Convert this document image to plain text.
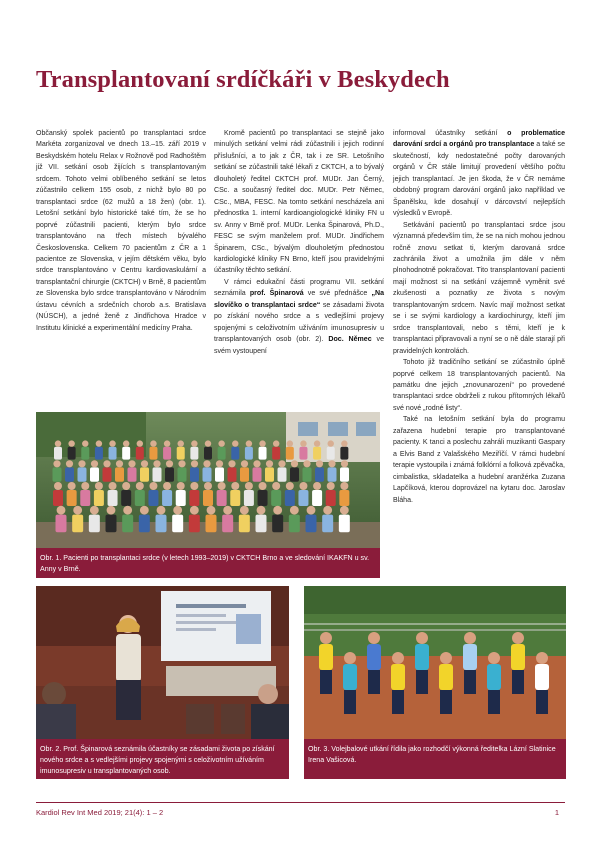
Transplantovaní srdíčkáři v Beskydech

Občanský spolek pacientů po transplantaci srdce Markéta zorganizoval ve dnech 13.–15. září 2019 v Beskydském hotelu Relax v Rožnově pod Radhoštěm již VII. setkání osob žijících s transplantovaným srdcem. Tohoto velmi oblíbeného setkání se letos zúčastnilo celkem 155 osob, z nichž bylo 80 po transplantaci srdce (62 mužů a 18 žen) (obr. 1). Letošní setkání bylo historické také tím, že se ho poprvé zúčastnili pacienti, kterým bylo srdce transplantováno na třech místech bývalého Československa. Celkem 70 pacientům z ČR a 1 pacientce ze Slovenska, v jejím dětském věku, bylo srdce transplantováno v Centru kardiovaskulární a transplantační chirurgie (CKTCH) v Brně, 8 pacientům ze Slovenska bylo srdce transplantováno v Národním ústavu cévních a srdečních chorob a.s. Bratislava (NÚSCH), a jedné ženě z Jindřichova Hradce v Institutu klinické a experimentální medicíny Praha.

Kromě pacientů po transplantaci se stejně jako minulých setkání velmi rádi zúčastnili i jejich rodinní příslušníci, a to jak z ČR, tak i ze SR. Letošního setkání se zúčastnili také lékaři z CKTCH, a to bývalý dlouholetý ředitel CKTCH prof. MUDr. Jan Černý, CSc. a současný ředitel doc. MUDr. Petr Němec, CSc., MBA, FESC. Na tomto setkání nescházela ani přednostka 1. interní kardioangiologické kliniky FN u sv. Anny v Brně prof. MUDr. Lenka Špinarová, Ph.D., FESC se svým manželem prof. MUDr. Jindřichem Špinarem, CSc., bývalým dlouholetým přednostou kardiologické kliniky FN Brno, kteří jsou pravidelnými účastníky těchto setkání.

V rámci edukační části programu VII. setkání seznámila prof. Špinarová ve své přednášce „Na slovíčko o transplantaci srdce“ se zásadami života po získání nového srdce a s vedlejšími projevy spojenými s celoživotním užíváním imunosupresiv u transplantovaných osob (obr. 2). Doc. Němec ve svém vystoupení

informoval účastníky setkání o problematice darování srdcí a orgánů pro transplantace a také se skutečností, kdy nedostatečné počty darovaných orgánů v ČR stále limitují provedení většího počtu jejich transplantací. Je jen škoda, že v ČR nemáme obdobný program darování orgánů jako například ve Španělsku, kde dosahují v dárcovství nejlepších výsledků v Evropě.

Setkávání pacientů po transplantaci srdce jsou významná především tím, že se na nich mohou jednou ročně znovu setkat ti, kterým darovaná srdce zachránila život a umožnila jim dále v něm plnohodnotně pokračovat. Tito transplantovaní pacienti mají možnost si na setkání vzájemně vyměnit své zkušenosti a poznatky ze života s novým transplantovaným srdcem. Navíc mají možnost setkat se i se svými kardiology a kardiochirurgy, kteří jim srdce transplantovali, nebo s těmi, kteří je k transplantaci připravovali a nyní se o ně dále starají při pravidelných kontrolách.

Tohoto již tradičního setkání se zúčastnilo úplně poprvé celkem 18 transplantovaných pacientů. Na památku dne jejich „znovunarození“ po provedené transplantaci srdce obdrželi z rukou přítomných lékařů své nové „rodné listy“.

Také na letošním setkání byla do programu zařazena hudební terapie pro transplantované pacienty. K tanci a poslechu zahráli muzikanti Gaspary a Elvis Band z Valašského Meziříčí. V rámci hudební terapie vystoupila i známá folklórní a folková zpěvačka, cimbalistka, skladatelka a hudební aranžérka Zuzana Lapčíková, kterou doprovázel na kytaru doc. Jaroslav Bláha.

Obr. 1. Pacienti po transplantaci srdce (v letech 1993–2019) v CKTCH Brno a ve sledování IKAKFN u sv. Anny v Brně.
Obr. 2. Prof. Špinarová seznámila účastníky se zásadami života po získání nového srdce a s vedlejšími projevy spojenými s celoživotním užíváním imunosupresiv u transplantovaných osob.
Obr. 3. Volejbalové utkání řídila jako rozhodčí výkonná ředitelka Lázní Slatinice Irena Vašicová.
Kardiol Rev Int Med 2019; 21(4): 1 – 2	1
